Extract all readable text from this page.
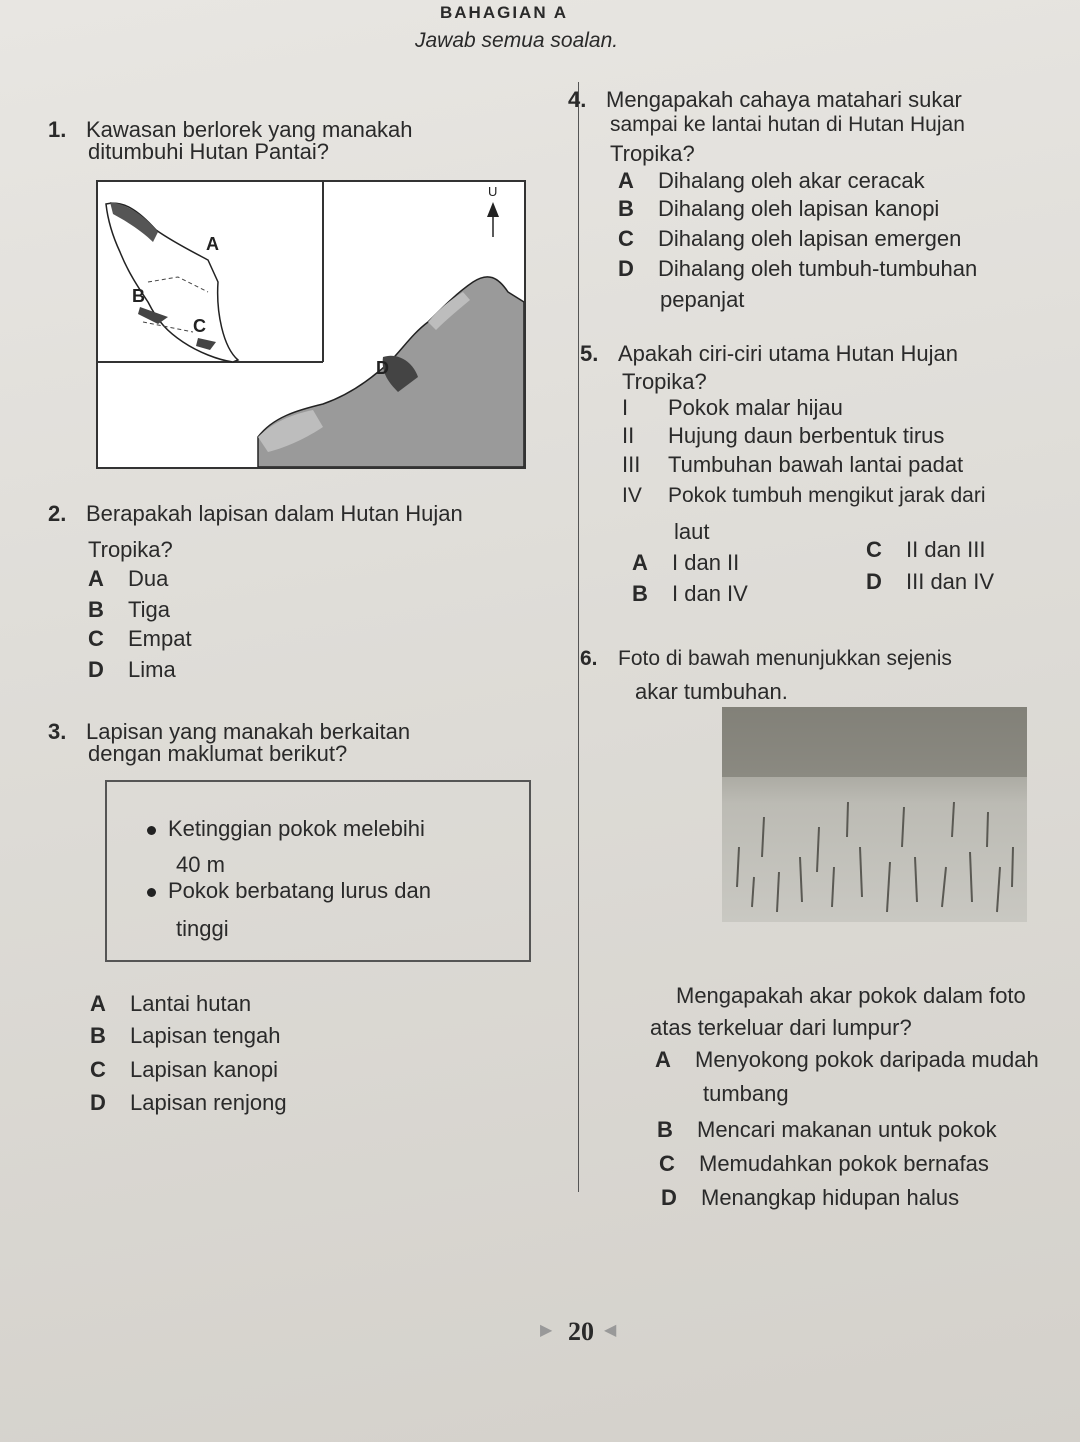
BAHAGIAN A
Jawab semua soalan.
1. Kawasan berlorek yang manakah
ditumbuhi Hutan Pantai?
U
A
B
C
D
2. Berapakah lapisan dalam Hutan Hujan
Tropika?
A Dua
B Tiga
C Empat
D Lima
3. Lapisan yang manakah berkaitan
dengan maklumat berikut?
Ketinggian pokok melebihi
40 m
Pokok berbatang lurus dan
tinggi
A Lantai hutan
B Lapisan tengah
C Lapisan kanopi
D Lapisan renjong
4. Mengapakah cahaya matahari sukar
sampai ke lantai hutan di Hutan Hujan
Tropika?
A Dihalang oleh akar ceracak
B Dihalang oleh lapisan kanopi
C Dihalang oleh lapisan emergen
D Dihalang oleh tumbuh-tumbuhan
pepanjat
5. Apakah ciri-ciri utama Hutan Hujan
Tropika?
I Pokok malar hijau
II Hujung daun berbentuk tirus
III Tumbuhan bawah lantai padat
IV Pokok tumbuh mengikut jarak dari
laut
A I dan II
B I dan IV
C II dan III
D III dan IV
6. Foto di bawah menunjukkan sejenis
akar tumbuhan.
Mengapakah akar pokok dalam foto
atas terkeluar dari lumpur?
A Menyokong pokok daripada mudah
tumbang
B Mencari makanan untuk pokok
C Memudahkan pokok bernafas
D Menangkap hidupan halus
▶ 20 ◀
